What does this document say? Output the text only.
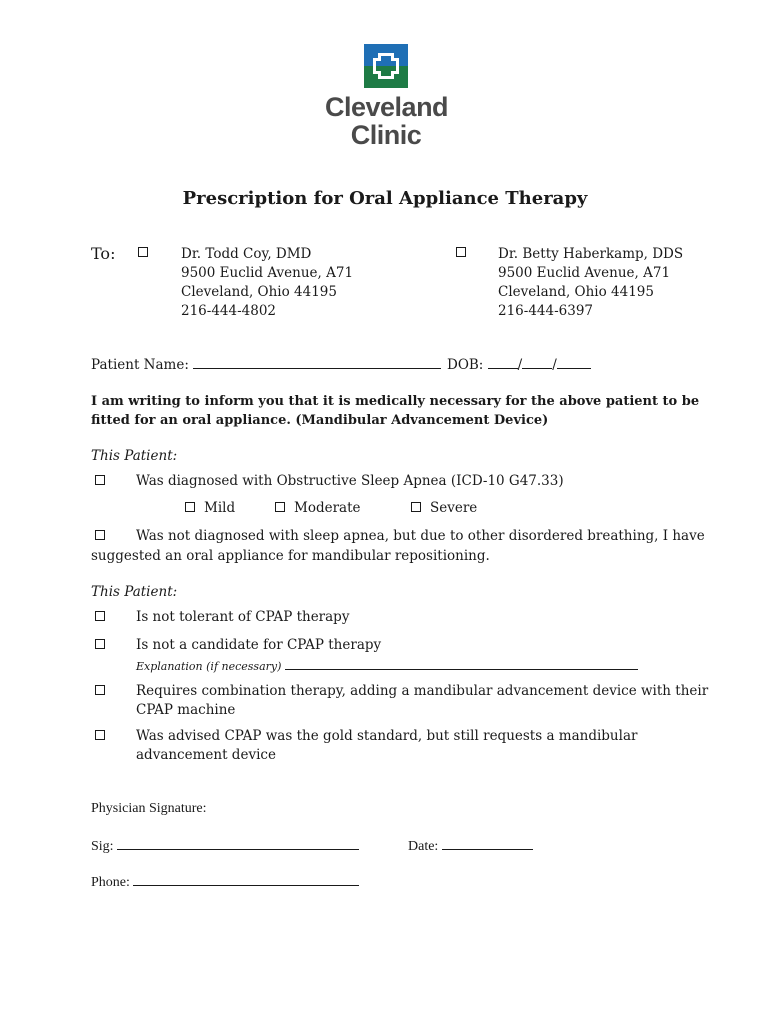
Cleveland
Clinic
Prescription for Oral Appliance Therapy
To:	Dr. Todd Coy, DMD
9500 Euclid Avenue, A71
Cleveland, Ohio 44195
216-444-4802
Dr. Betty Haberkamp, DDS
9500 Euclid Avenue, A71
Cleveland, Ohio 44195
216-444-6397
Patient Name:	DOB:	/ /
I am writing to inform you that it is medically necessary for the above patient to be
fitted for an oral appliance. (Mandibular Advancement Device)
This Patient:
Was diagnosed with Obstructive Sleep Apnea (ICD-10 G47.33)
Mild	Moderate	Severe
Was not diagnosed with sleep apnea, but due to other disordered breathing, I have
suggested an oral appliance for mandibular repositioning.
This Patient:
Is not tolerant of CPAP therapy
Is not a candidate for CPAP therapy
Explanation (if necessary)
Requires combination therapy, adding a mandibular advancement device with their
CPAP machine
Was advised CPAP was the gold standard, but still requests a mandibular
advancement device
Physician Signature:
Sig:	Date:
Phone:
